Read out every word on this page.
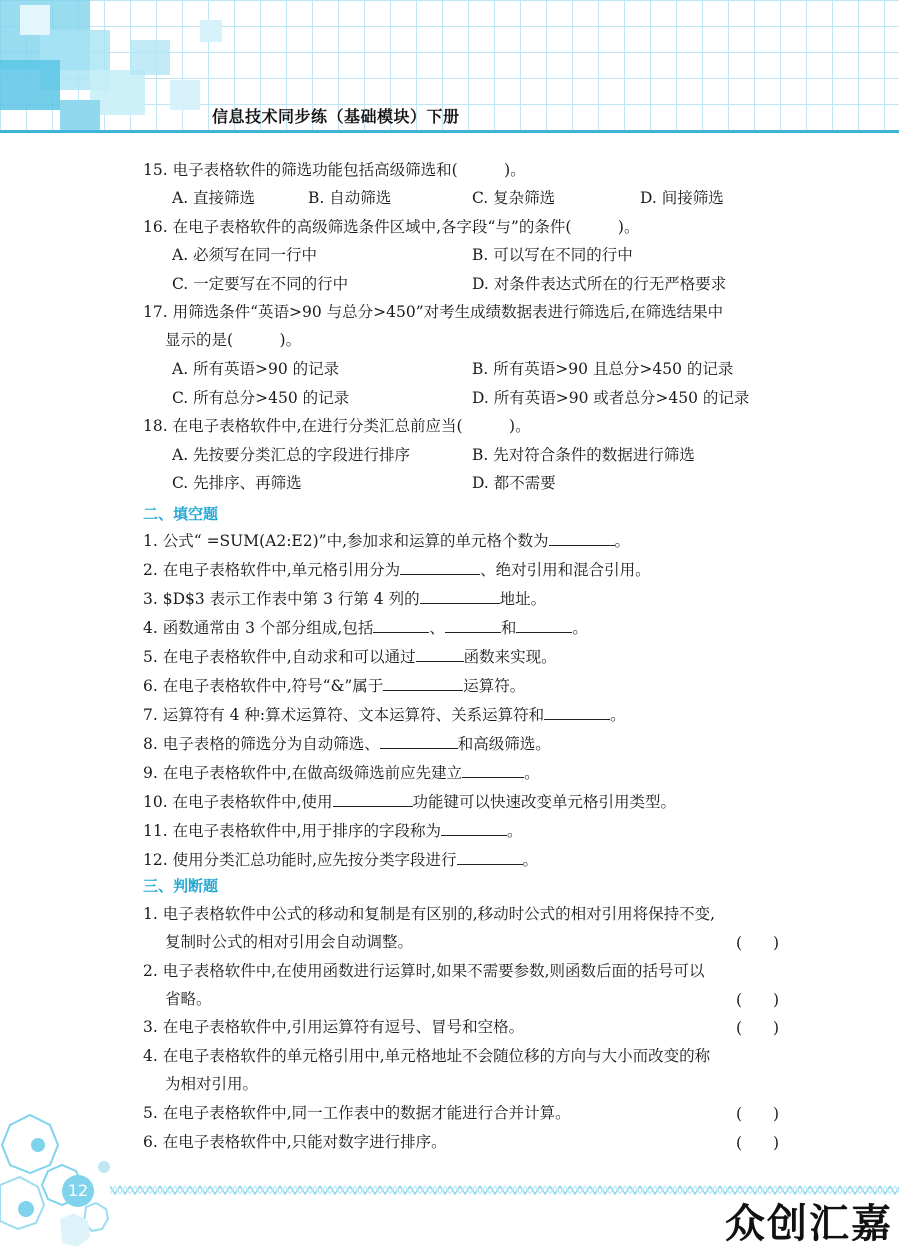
信息技术同步练（基础模块）下册
15. 电子表格软件的筛选功能包括高级筛选和(　　　)。
A. 直接筛选	B. 自动筛选	C. 复杂筛选	D. 间接筛选
16. 在电子表格软件的高级筛选条件区域中,各字段“与”的条件(　　　)。
A. 必须写在同一行中	B. 可以写在不同的行中
C. 一定要写在不同的行中	D. 对条件表达式所在的行无严格要求
17. 用筛选条件“英语>90 与总分>450”对考生成绩数据表进行筛选后,在筛选结果中
显示的是(　　　)。
A. 所有英语>90 的记录	B. 所有英语>90 且总分>450 的记录
C. 所有总分>450 的记录	D. 所有英语>90 或者总分>450 的记录
18. 在电子表格软件中,在进行分类汇总前应当(　　　)。
A. 先按要分类汇总的字段进行排序	B. 先对符合条件的数据进行筛选
C. 先排序、再筛选	D. 都不需要
二、填空题
1. 公式“ =SUM(A2:E2)”中,参加求和运算的单元格个数为	。
2. 在电子表格软件中,单元格引用分为	、绝对引用和混合引用。
3. $D$3 表示工作表中第 3 行第 4 列的	地址。
4. 函数通常由 3 个部分组成,包括	、	和	。
5. 在电子表格软件中,自动求和可以通过	函数来实现。
6. 在电子表格软件中,符号“&”属于	运算符。
7. 运算符有 4 种:算术运算符、文本运算符、关系运算符和	。
8. 电子表格的筛选分为自动筛选、	和高级筛选。
9. 在电子表格软件中,在做高级筛选前应先建立	。
10. 在电子表格软件中,使用	功能键可以快速改变单元格引用类型。
11. 在电子表格软件中,用于排序的字段称为	。
12. 使用分类汇总功能时,应先按分类字段进行	。
三、判断题
1. 电子表格软件中公式的移动和复制是有区别的,移动时公式的相对引用将保持不变,
复制时公式的相对引用会自动调整。	(　　)
2. 电子表格软件中,在使用函数进行运算时,如果不需要参数,则函数后面的括号可以
省略。	(　　)
3. 在电子表格软件中,引用运算符有逗号、冒号和空格。	(　　)
4. 在电子表格软件的单元格引用中,单元格地址不会随位移的方向与大小而改变的称
为相对引用。
5. 在电子表格软件中,同一工作表中的数据才能进行合并计算。	(　　)
6. 在电子表格软件中,只能对数字进行排序。	(　　)
12
众创汇嘉
